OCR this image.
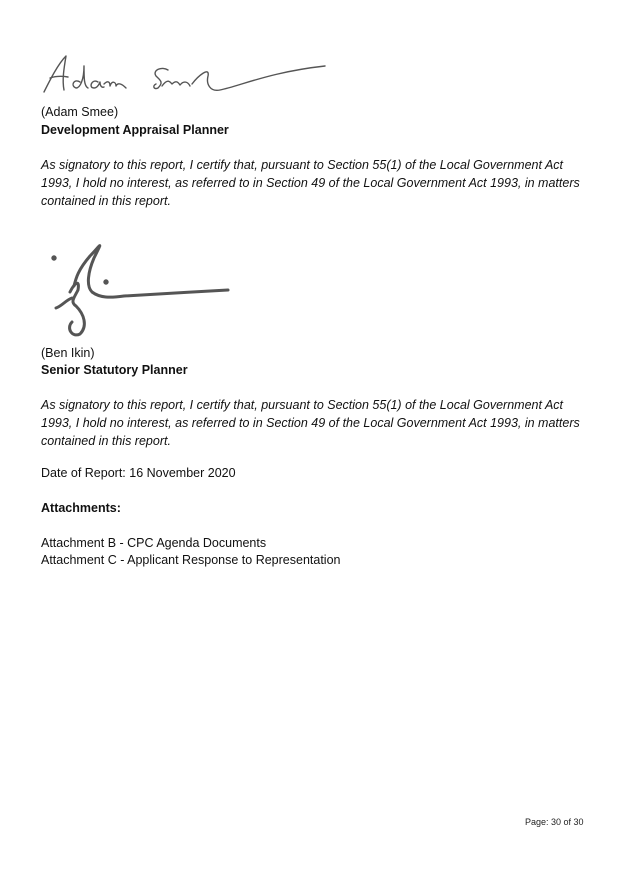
(Adam Smee)
Development Appraisal Planner
As signatory to this report, I certify that, pursuant to Section 55(1) of the Local Government Act
1993, I hold no interest, as referred to in Section 49 of the Local Government Act 1993, in matters
contained in this report.
(Ben Ikin)
Senior Statutory Planner
As signatory to this report, I certify that, pursuant to Section 55(1) of the Local Government Act
1993, I hold no interest, as referred to in Section 49 of the Local Government Act 1993, in matters
contained in this report.
Date of Report: 16 November 2020
Attachments:
Attachment B - CPC Agenda Documents
Attachment C - Applicant Response to Representation
Page: 30 of 30
